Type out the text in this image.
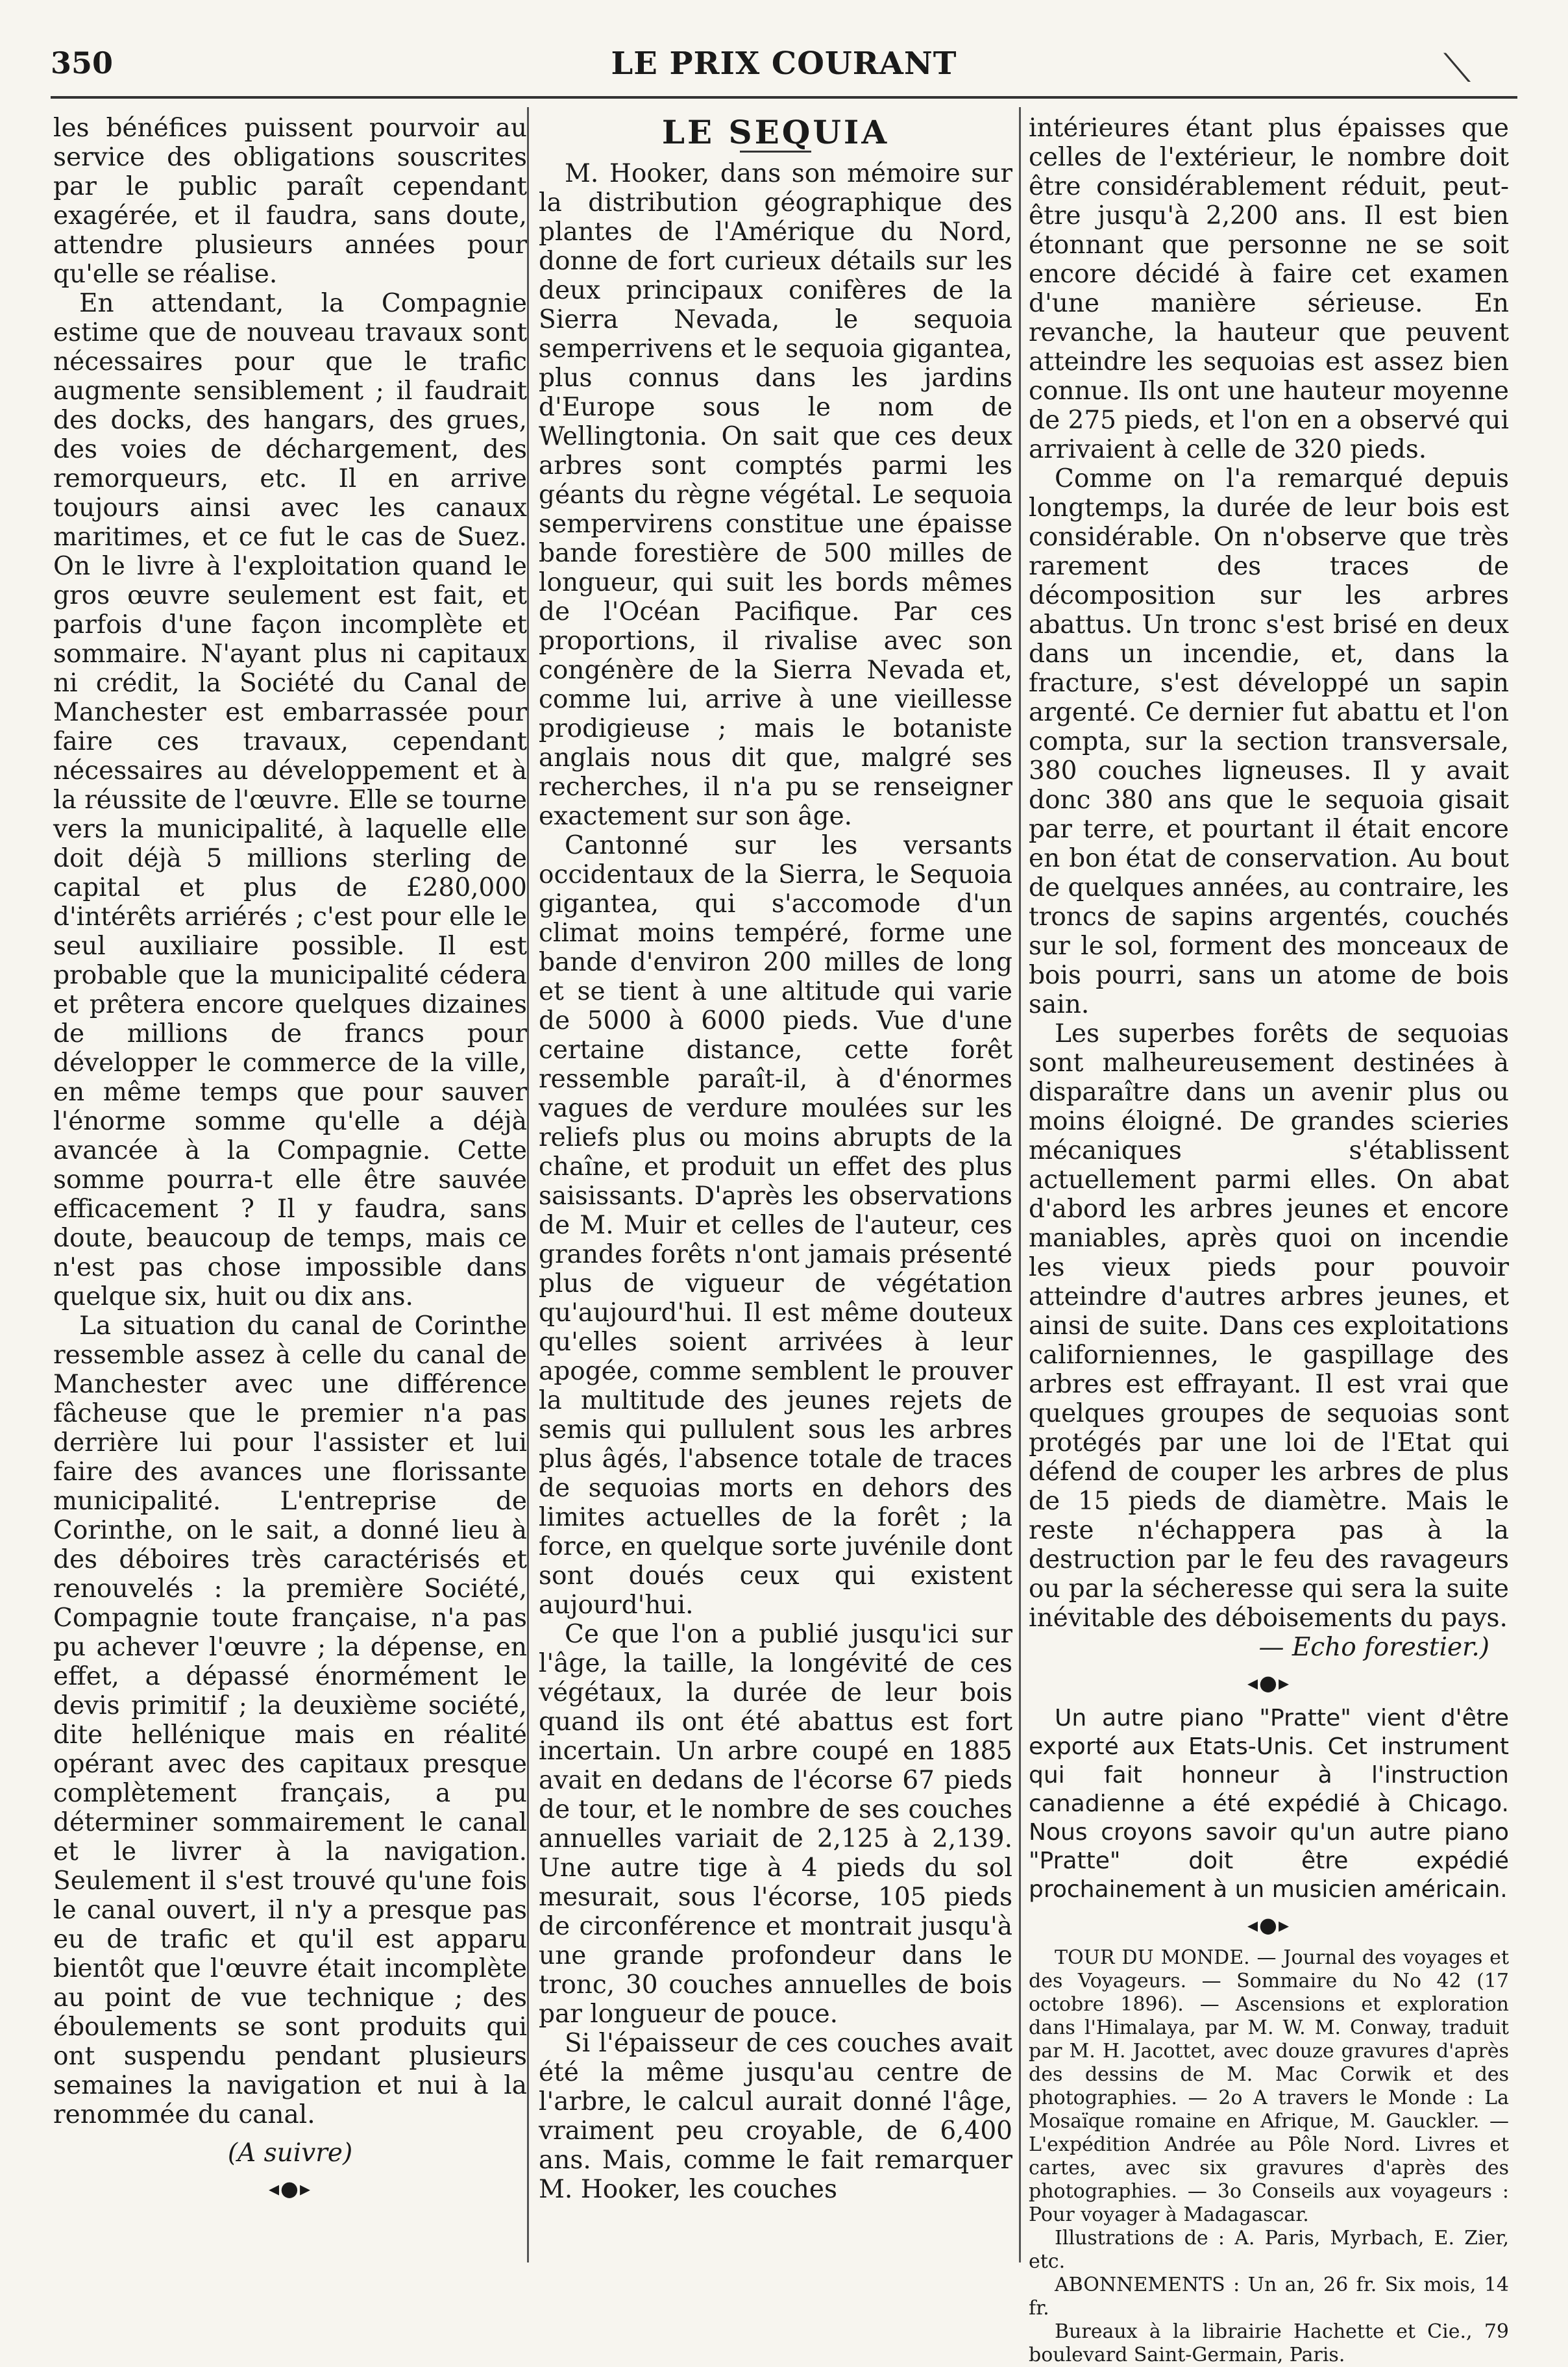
350	LE PRIX COURANT	⟍

les bénéfices puissent pourvoir au service des obligations souscrites par le public paraît cependant exagérée, et il faudra, sans doute, attendre plusieurs années pour qu'elle se réalise.

En attendant, la Compagnie estime que de nouveau travaux sont nécessaires pour que le trafic augmente sensiblement ; il faudrait des docks, des hangars, des grues, des voies de déchargement, des remorqueurs, etc. Il en arrive toujours ainsi avec les canaux maritimes, et ce fut le cas de Suez. On le livre à l'exploitation quand le gros œuvre seulement est fait, et parfois d'une façon incomplète et sommaire. N'ayant plus ni capitaux ni crédit, la Société du Canal de Manchester est embarrassée pour faire ces travaux, cependant nécessaires au développement et à la réussite de l'œuvre. Elle se tourne vers la municipalité, à laquelle elle doit déjà 5 millions sterling de capital et plus de £280,000 d'intérêts arriérés ; c'est pour elle le seul auxiliaire possible. Il est probable que la municipalité cédera et prêtera encore quelques dizaines de millions de francs pour développer le commerce de la ville, en même temps que pour sauver l'énorme somme qu'elle a déjà avancée à la Compagnie. Cette somme pourra-t elle être sauvée efficacement ? Il y faudra, sans doute, beaucoup de temps, mais ce n'est pas chose impossible dans quelque six, huit ou dix ans.

La situation du canal de Corinthe ressemble assez à celle du canal de Manchester avec une différence fâcheuse que le premier n'a pas derrière lui pour l'assister et lui faire des avances une florissante municipalité. L'entreprise de Corinthe, on le sait, a donné lieu à des déboires très caractérisés et renouvelés : la première Société, Compagnie toute française, n'a pas pu achever l'œuvre ; la dépense, en effet, a dépassé énormément le devis primitif ; la deuxième société, dite hellénique mais en réalité opérant avec des capitaux presque complètement français, a pu déterminer sommairement le canal et le livrer à la navigation. Seulement il s'est trouvé qu'une fois le canal ouvert, il n'y a presque pas eu de trafic et qu'il est apparu bientôt que l'œuvre était incomplète au point de vue technique ; des éboulements se sont produits qui ont suspendu pendant plusieurs semaines la navigation et nui à la renommée du canal.

(A suivre)

◂●▸

LE SEQUIA

M. Hooker, dans son mémoire sur la distribution géographique des plantes de l'Amérique du Nord, donne de fort curieux détails sur les deux principaux conifères de la Sierra Nevada, le sequoia semperrivens et le sequoia gigantea, plus connus dans les jardins d'Europe sous le nom de Wellingtonia. On sait que ces deux arbres sont comptés parmi les géants du règne végétal. Le sequoia sempervirens constitue une épaisse bande forestière de 500 milles de longueur, qui suit les bords mêmes de l'Océan Pacifique. Par ces proportions, il rivalise avec son congénère de la Sierra Nevada et, comme lui, arrive à une vieillesse prodigieuse ; mais le botaniste anglais nous dit que, malgré ses recherches, il n'a pu se renseigner exactement sur son âge.

Cantonné sur les versants occidentaux de la Sierra, le Sequoia gigantea, qui s'accomode d'un climat moins tempéré, forme une bande d'environ 200 milles de long et se tient à une altitude qui varie de 5000 à 6000 pieds. Vue d'une certaine distance, cette forêt ressemble paraît-il, à d'énormes vagues de verdure moulées sur les reliefs plus ou moins abrupts de la chaîne, et produit un effet des plus saisissants. D'après les observations de M. Muir et celles de l'auteur, ces grandes forêts n'ont jamais présenté plus de vigueur de végétation qu'aujourd'hui. Il est même douteux qu'elles soient arrivées à leur apogée, comme semblent le prouver la multitude des jeunes rejets de semis qui pullulent sous les arbres plus âgés, l'absence totale de traces de sequoias morts en dehors des limites actuelles de la forêt ; la force, en quelque sorte juvénile dont sont doués ceux qui existent aujourd'hui.

Ce que l'on a publié jusqu'ici sur l'âge, la taille, la longévité de ces végétaux, la durée de leur bois quand ils ont été abattus est fort incertain. Un arbre coupé en 1885 avait en dedans de l'écorse 67 pieds de tour, et le nombre de ses couches annuelles variait de 2,125 à 2,139. Une autre tige à 4 pieds du sol mesurait, sous l'écorse, 105 pieds de circonférence et montrait jusqu'à une grande profondeur dans le tronc, 30 couches annuelles de bois par longueur de pouce.

Si l'épaisseur de ces couches avait été la même jusqu'au centre de l'arbre, le calcul aurait donné l'âge, vraiment peu croyable, de 6,400 ans. Mais, comme le fait remarquer M. Hooker, les couches

intérieures étant plus épaisses que celles de l'extérieur, le nombre doit être considérablement réduit, peut-être jusqu'à 2,200 ans. Il est bien étonnant que personne ne se soit encore décidé à faire cet examen d'une manière sérieuse. En revanche, la hauteur que peuvent atteindre les sequoias est assez bien connue. Ils ont une hauteur moyenne de 275 pieds, et l'on en a observé qui arrivaient à celle de 320 pieds.

Comme on l'a remarqué depuis longtemps, la durée de leur bois est considérable. On n'observe que très rarement des traces de décomposition sur les arbres abattus. Un tronc s'est brisé en deux dans un incendie, et, dans la fracture, s'est développé un sapin argenté. Ce dernier fut abattu et l'on compta, sur la section transversale, 380 couches ligneuses. Il y avait donc 380 ans que le sequoia gisait par terre, et pourtant il était encore en bon état de conservation. Au bout de quelques années, au contraire, les troncs de sapins argentés, couchés sur le sol, forment des monceaux de bois pourri, sans un atome de bois sain.

Les superbes forêts de sequoias sont malheureusement destinées à disparaître dans un avenir plus ou moins éloigné. De grandes scieries mécaniques s'établissent actuellement parmi elles. On abat d'abord les arbres jeunes et encore maniables, après quoi on incendie les vieux pieds pour pouvoir atteindre d'autres arbres jeunes, et ainsi de suite. Dans ces exploitations californiennes, le gaspillage des arbres est effrayant. Il est vrai que quelques groupes de sequoias sont protégés par une loi de l'Etat qui défend de couper les arbres de plus de 15 pieds de diamètre. Mais le reste n'échappera pas à la destruction par le feu des ravageurs ou par la sécheresse qui sera la suite inévitable des déboisements du pays.

— Echo forestier.)

◂●▸

Un autre piano "Pratte" vient d'être exporté aux Etats-Unis. Cet instrument qui fait honneur à l'instruction canadienne a été expédié à Chicago. Nous croyons savoir qu'un autre piano "Pratte" doit être expédié prochainement à un musicien américain.

◂●▸

TOUR DU MONDE. — Journal des voyages et des Voyageurs. — Sommaire du No 42 (17 octobre 1896). — Ascensions et exploration dans l'Himalaya, par M. W. M. Conway, traduit par M. H. Jacottet, avec douze gravures d'après des dessins de M. Mac Corwik et des photographies. — 2o A travers le Monde : La Mosaïque romaine en Afrique, M. Gauckler. — L'expédition Andrée au Pôle Nord. Livres et cartes, avec six gravures d'après des photographies. — 3o Conseils aux voyageurs : Pour voyager à Madagascar.

Illustrations de : A. Paris, Myrbach, E. Zier, etc.

ABONNEMENTS : Un an, 26 fr. Six mois, 14 fr.

Bureaux à la librairie Hachette et Cie., 79 boulevard Saint-Germain, Paris.
